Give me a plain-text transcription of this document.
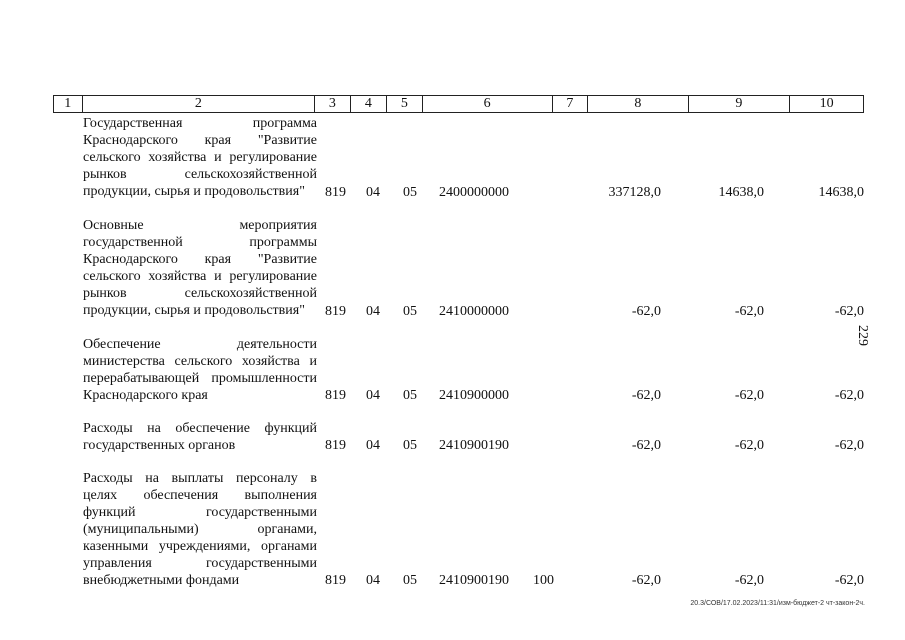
1	2	3	4	5	6	7	8	9	10
Государственная программа Краснодарского края "Развитие сельского хозяйства и регулирование рынков сельскохозяйственной продукции, сырья и продовольствия"	819 04 05 2400000000	337128,0	14638,0	14638,0
Основные мероприятия государственной программы Краснодарского края "Развитие сельского хозяйства и регулирование рынков сельскохозяйственной продукции, сырья и продовольствия"	819 04 05 2410000000	-62,0	-62,0	-62,0
Обеспечение деятельности министерства сельского хозяйства и перерабатывающей промышленности Краснодарского края	819 04 05 2410900000	-62,0	-62,0	-62,0
Расходы на обеспечение функций государственных органов	819 04 05 2410900190	-62,0	-62,0	-62,0
Расходы на выплаты персоналу в целях обеспечения выполнения функций государственными (муниципальными) органами, казенными учреждениями, органами управления государственными внебюджетными фондами	819 04 05 2410900190 100	-62,0	-62,0	-62,0
229
20.3/СОВ/17.02.2023/11:31/изм-бюджет-2 чт-закон-2ч.
